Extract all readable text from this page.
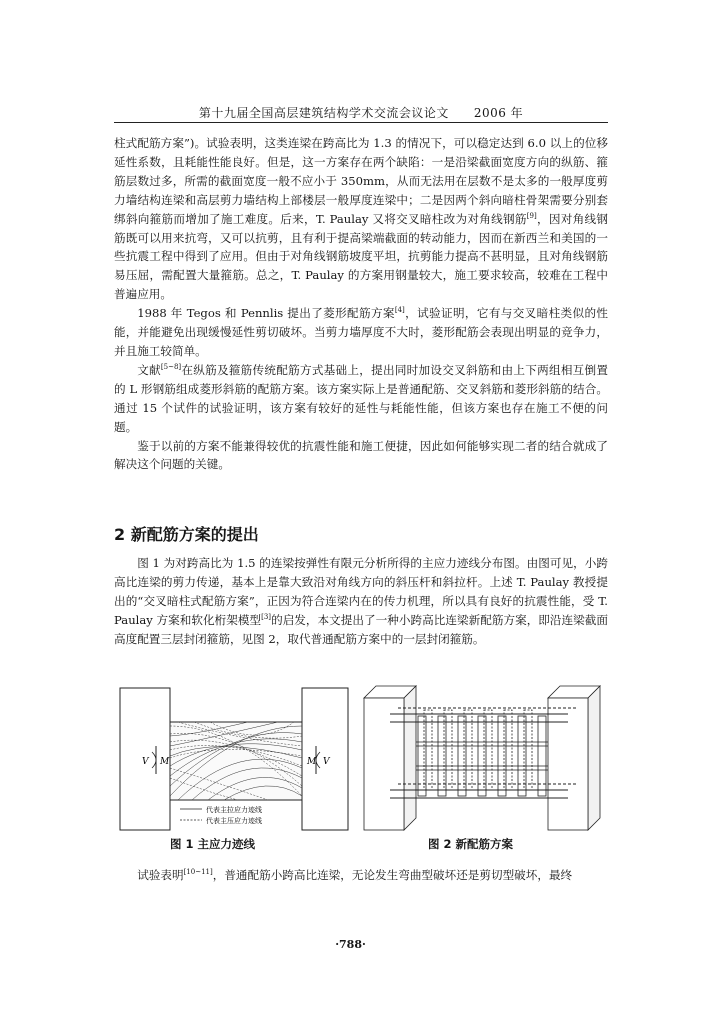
第十九届全国高层建筑结构学术交流会议论文　　2006 年

柱式配筋方案”)。试验表明，这类连梁在跨高比为 1.3 的情况下，可以稳定达到 6.0 以上的位移延性系数，且耗能性能良好。但是，这一方案存在两个缺陷：一是沿梁截面宽度方向的纵筋、箍筋层数过多，所需的截面宽度一般不应小于 350mm，从而无法用在层数不是太多的一般厚度剪力墙结构连梁和高层剪力墙结构上部楼层一般厚度连梁中；二是因两个斜向暗柱骨架需要分别套绑斜向箍筋而增加了施工难度。后来，T. Paulay 又将交叉暗柱改为对角线钢筋[9]，因对角线钢筋既可以用来抗弯，又可以抗剪，且有利于提高梁端截面的转动能力，因而在新西兰和美国的一些抗震工程中得到了应用。但由于对角线钢筋坡度平坦，抗剪能力提高不甚明显，且对角线钢筋易压屈，需配置大量箍筋。总之，T. Paulay 的方案用钢量较大，施工要求较高，较难在工程中普遍应用。

1988 年 Tegos 和 Pennlis 提出了菱形配筋方案[4]，试验证明，它有与交叉暗柱类似的性能，并能避免出现缓慢延性剪切破坏。当剪力墙厚度不大时，菱形配筋会表现出明显的竞争力，并且施工较简单。

文献[5~8]在纵筋及箍筋传统配筋方式基础上，提出同时加设交叉斜筋和由上下两组相互倒置的 L 形钢筋组成菱形斜筋的配筋方案。该方案实际上是普通配筋、交叉斜筋和菱形斜筋的结合。通过 15 个试件的试验证明，该方案有较好的延性与耗能性能，但该方案也存在施工不便的问题。

鉴于以前的方案不能兼得较优的抗震性能和施工便捷，因此如何能够实现二者的结合就成了解决这个问题的关键。

2 新配筋方案的提出

图 1 为对跨高比为 1.5 的连梁按弹性有限元分析所得的主应力迹线分布图。由图可见，小跨高比连梁的剪力传递，基本上是靠大致沿对角线方向的斜压杆和斜拉杆。上述 T. Paulay 教授提出的“交叉暗柱式配筋方案”，正因为符合连梁内在的传力机理，所以具有良好的抗震性能，受 T. Paulay 方案和软化桁架模型[3]的启发，本文提出了一种小跨高比连梁新配筋方案，即沿连梁截面高度配置三层封闭箍筋，见图 2，取代普通配筋方案中的一层封闭箍筋。

V M	M V
代表主拉应力迹线
代表主压应力迹线
图 1 主应力迹线	图 2 新配筋方案

试验表明[10~11]，普通配筋小跨高比连梁，无论发生弯曲型破坏还是剪切型破坏，最终

·788·
